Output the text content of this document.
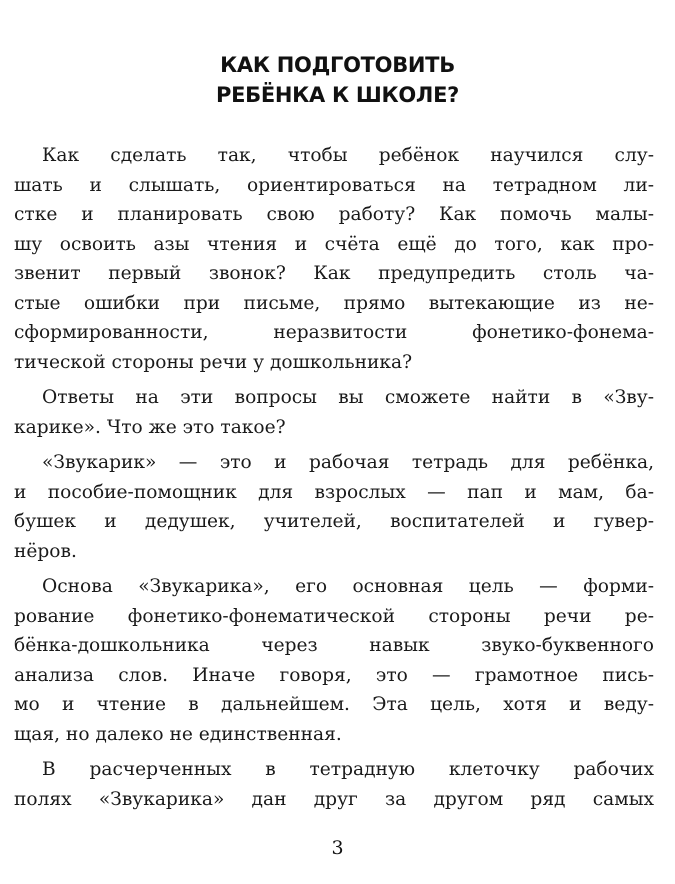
КАК ПОДГОТОВИТЬ
РЕБЁНКА К ШКОЛЕ?
Как сделать так, чтобы ребёнок научился слу-
шать и слышать, ориентироваться на тетрадном ли-
стке и планировать свою работу? Как помочь малы-
шу освоить азы чтения и счёта ещё до того, как про-
звенит первый звонок? Как предупредить столь ча-
стые ошибки при письме, прямо вытекающие из не-
сформированности, неразвитости фонетико-фонема-
тической стороны речи у дошкольника?
Ответы на эти вопросы вы сможете найти в «Зву-
карике». Что же это такое?
«Звукарик» — это и рабочая тетрадь для ребёнка,
и пособие-помощник для взрослых — пап и мам, ба-
бушек и дедушек, учителей, воспитателей и гувер-
нёров.
Основа «Звукарика», его основная цель — форми-
рование фонетико-фонематической стороны речи ре-
бёнка-дошкольника через навык звуко-буквенного
анализа слов. Иначе говоря, это — грамотное пись-
мо и чтение в дальнейшем. Эта цель, хотя и веду-
щая, но далеко не единственная.
В расчерченных в тетрадную клеточку рабочих
полях «Звукарика» дан друг за другом ряд самых
3
